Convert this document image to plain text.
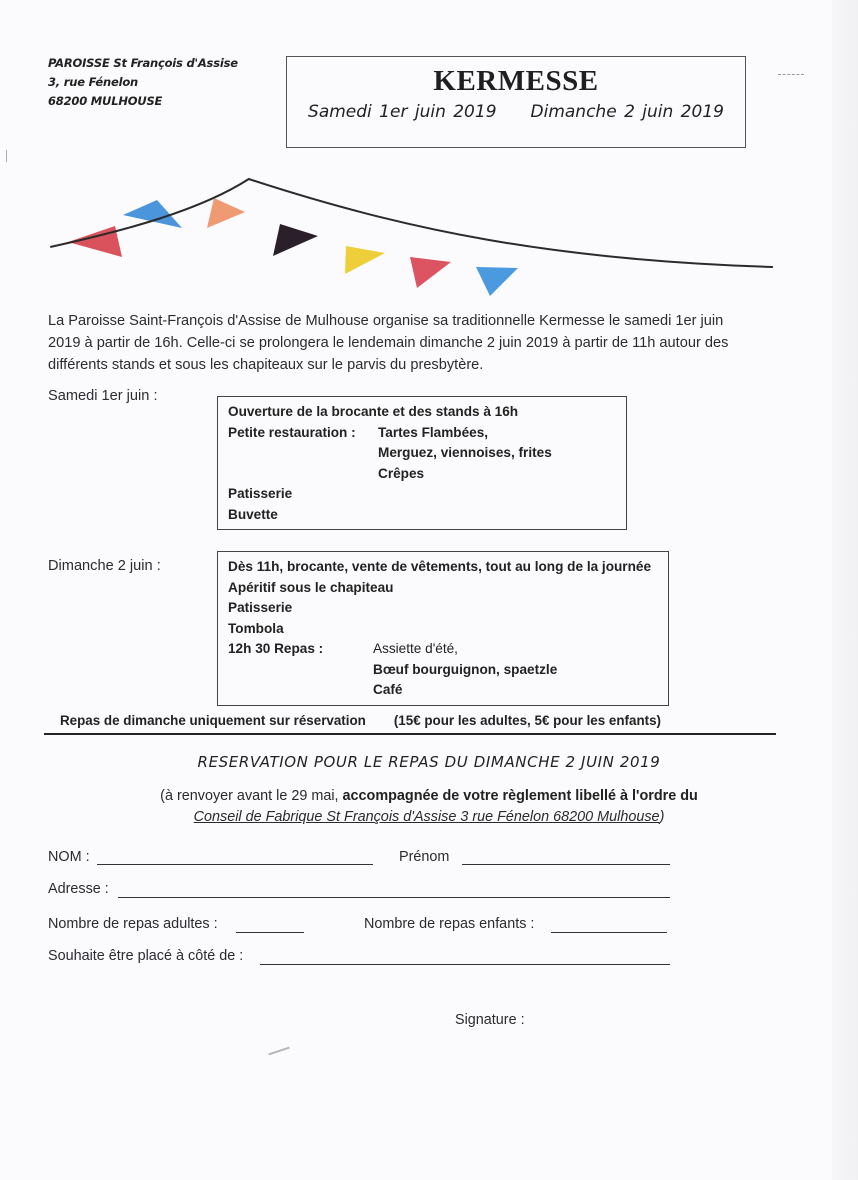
PAROISSE St François d'Assise
3, rue Fénelon
68200 MULHOUSE
KERMESSE
Samedi 1er juin 2019 Dimanche 2 juin 2019
La Paroisse Saint-François d'Assise de Mulhouse organise sa traditionnelle Kermesse le samedi 1er juin
2019 à partir de 16h. Celle-ci se prolongera le lendemain dimanche 2 juin 2019 à partir de 11h autour des
différents stands et sous les chapiteaux sur le parvis du presbytère.
Samedi 1er juin :
Ouverture de la brocante et des stands à 16h
Petite restauration :	Tartes Flambées,
Merguez, viennoises, frites
Crêpes
Patisserie
Buvette
Dimanche 2 juin :	Dès 11h, brocante, vente de vêtements, tout au long de la journée
Apéritif sous le chapiteau
Patisserie
Tombola
12h 30 Repas :	Assiette d'été,
Bœuf bourguignon, spaetzle
Café
Repas de dimanche uniquement sur réservation (15€ pour les adultes, 5€ pour les enfants)
RESERVATION POUR LE REPAS DU DIMANCHE 2 JUIN 2019
(à renvoyer avant le 29 mai, accompagnée de votre règlement libellé à l'ordre du
Conseil de Fabrique St François d'Assise 3 rue Fénelon 68200 Mulhouse)
NOM :	Prénom
Adresse :
Nombre de repas adultes :	Nombre de repas enfants :
Souhaite être placé à côté de :
Signature :
